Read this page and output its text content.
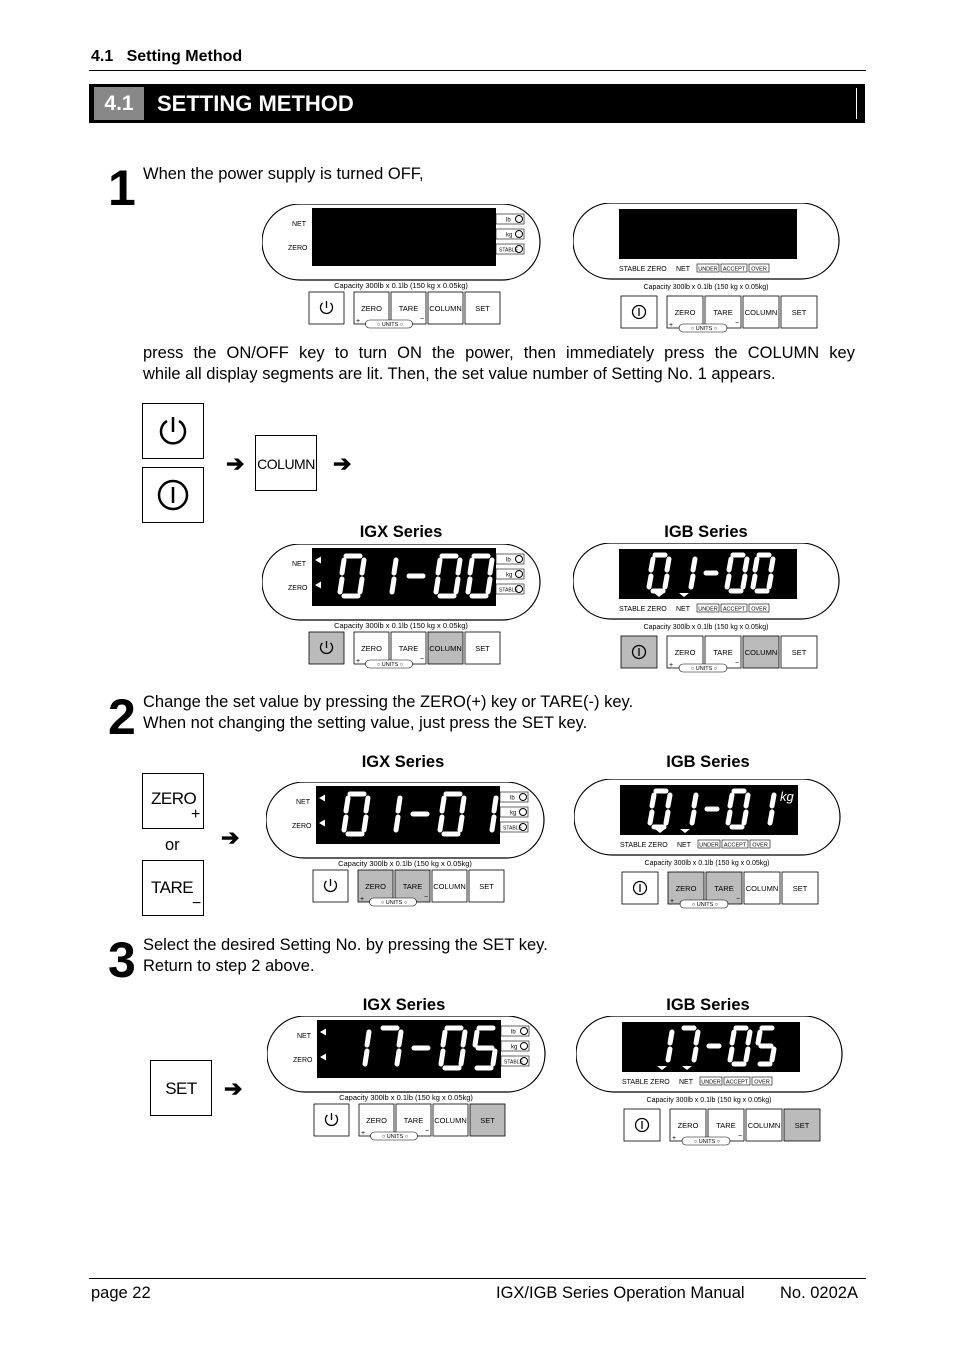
4.1 Setting Method
4.1	SETTING METHOD
1 When the power supply is turned OFF,
NET
ZERO
lb
kg
STABLE
Capacity 300lb x 0.1lb (150 kg x 0.05kg)
ZERO TARE COLUMN SET
+	−
○ UNITS ○
STABLE ZERO NET UNDER ACCEPT OVER
Capacity 300lb x 0.1lb (150 kg x 0.05kg)
ZERO TARE COLUMN SET
+	−
○ UNITS ○
press the ON/OFF key to turn ON the power, then immediately press the COLUMN key
while all display segments are lit. Then, the set value number of Setting No. 1 appears.
➔ COLUMN ➔
IGX Series	IGB Series
NET
ZERO
lb
kg
STABLE
Capacity 300lb x 0.1lb (150 kg x 0.05kg)
ZERO TARE COLUMN SET
+	−
○ UNITS ○
STABLE ZERO NET UNDER ACCEPT OVER
Capacity 300lb x 0.1lb (150 kg x 0.05kg)
ZERO TARE COLUMN SET
+	−
○ UNITS ○
2 Change the set value by pressing the ZERO(+) key or TARE(-) key.
When not changing the setting value, just press the SET key.
IGX Series	IGB Series
ZERO
+
or
TARE
−
➔
NET
ZERO
lb
kg
STABLE
Capacity 300lb x 0.1lb (150 kg x 0.05kg)
ZERO TARE COLUMN SET
+	−
○ UNITS ○
kg
STABLE ZERO NET UNDER ACCEPT OVER
Capacity 300lb x 0.1lb (150 kg x 0.05kg)
ZERO TARE COLUMN SET
+	−
○ UNITS ○
3 Select the desired Setting No. by pressing the SET key.
Return to step 2 above.
IGX Series	IGB Series
SET	➔
NET
ZERO
lb
kg
STABLE
Capacity 300lb x 0.1lb (150 kg x 0.05kg)
ZERO TARE COLUMN SET
+	−
○ UNITS ○
STABLE ZERO NET UNDER ACCEPT OVER
Capacity 300lb x 0.1lb (150 kg x 0.05kg)
ZERO TARE COLUMN SET
+	−
○ UNITS ○
page 22	IGX/IGB Series Operation Manual No. 0202A
